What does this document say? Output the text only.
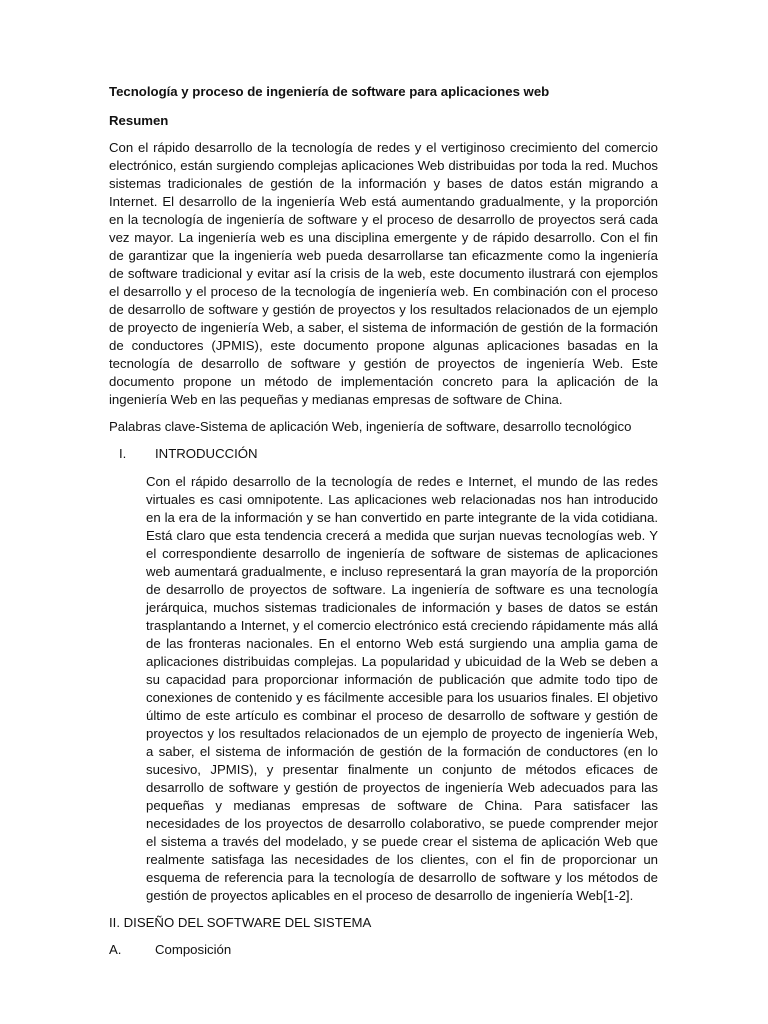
Tecnología y proceso de ingeniería de software para aplicaciones web

Resumen

Con el rápido desarrollo de la tecnología de redes y el vertiginoso crecimiento del comercio electrónico, están surgiendo complejas aplicaciones Web distribuidas por toda la red. Muchos sistemas tradicionales de gestión de la información y bases de datos están migrando a Internet. El desarrollo de la ingeniería Web está aumentando gradualmente, y la proporción en la tecnología de ingeniería de software y el proceso de desarrollo de proyectos será cada vez mayor. La ingeniería web es una disciplina emergente y de rápido desarrollo. Con el fin de garantizar que la ingeniería web pueda desarrollarse tan eficazmente como la ingeniería de software tradicional y evitar así la crisis de la web, este documento ilustrará con ejemplos el desarrollo y el proceso de la tecnología de ingeniería web. En combinación con el proceso de desarrollo de software y gestión de proyectos y los resultados relacionados de un ejemplo de proyecto de ingeniería Web, a saber, el sistema de información de gestión de la formación de conductores (JPMIS), este documento propone algunas aplicaciones basadas en la tecnología de desarrollo de software y gestión de proyectos de ingeniería Web. Este documento propone un método de implementación concreto para la aplicación de la ingeniería Web en las pequeñas y medianas empresas de software de China.

Palabras clave-Sistema de aplicación Web, ingeniería de software, desarrollo tecnológico

I. INTRODUCCIÓN

Con el rápido desarrollo de la tecnología de redes e Internet, el mundo de las redes virtuales es casi omnipotente. Las aplicaciones web relacionadas nos han introducido en la era de la información y se han convertido en parte integrante de la vida cotidiana. Está claro que esta tendencia crecerá a medida que surjan nuevas tecnologías web. Y el correspondiente desarrollo de ingeniería de software de sistemas de aplicaciones web aumentará gradualmente, e incluso representará la gran mayoría de la proporción de desarrollo de proyectos de software. La ingeniería de software es una tecnología jerárquica, muchos sistemas tradicionales de información y bases de datos se están trasplantando a Internet, y el comercio electrónico está creciendo rápidamente más allá de las fronteras nacionales. En el entorno Web está surgiendo una amplia gama de aplicaciones distribuidas complejas. La popularidad y ubicuidad de la Web se deben a su capacidad para proporcionar información de publicación que admite todo tipo de conexiones de contenido y es fácilmente accesible para los usuarios finales. El objetivo último de este artículo es combinar el proceso de desarrollo de software y gestión de proyectos y los resultados relacionados de un ejemplo de proyecto de ingeniería Web, a saber, el sistema de información de gestión de la formación de conductores (en lo sucesivo, JPMIS), y presentar finalmente un conjunto de métodos eficaces de desarrollo de software y gestión de proyectos de ingeniería Web adecuados para las pequeñas y medianas empresas de software de China. Para satisfacer las necesidades de los proyectos de desarrollo colaborativo, se puede comprender mejor el sistema a través del modelado, y se puede crear el sistema de aplicación Web que realmente satisfaga las necesidades de los clientes, con el fin de proporcionar un esquema de referencia para la tecnología de desarrollo de software y los métodos de gestión de proyectos aplicables en el proceso de desarrollo de ingeniería Web[1-2].

II. DISEÑO DEL SOFTWARE DEL SISTEMA

A.	Composición
